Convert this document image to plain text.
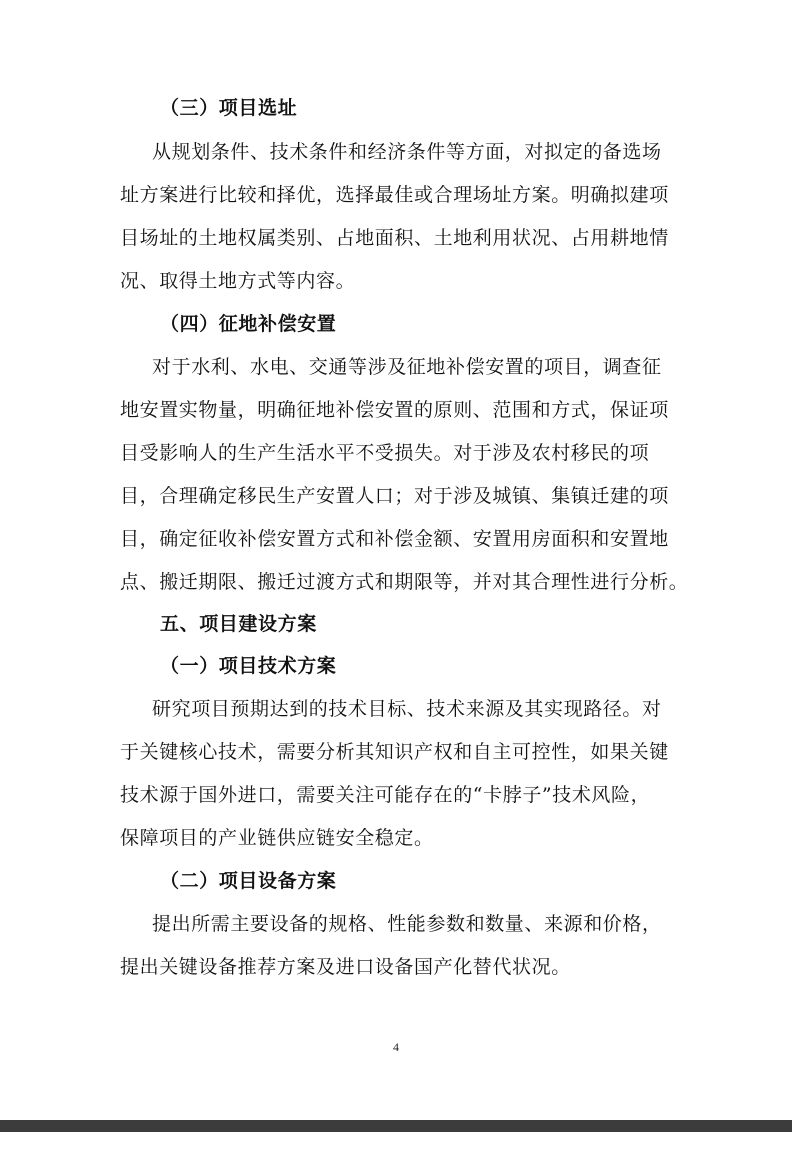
（三）项目选址
从规划条件、技术条件和经济条件等方面，对拟定的备选场
址方案进行比较和择优，选择最佳或合理场址方案。明确拟建项
目场址的土地权属类别、占地面积、土地利用状况、占用耕地情
况、取得土地方式等内容。
（四）征地补偿安置
对于水利、水电、交通等涉及征地补偿安置的项目，调查征
地安置实物量，明确征地补偿安置的原则、范围和方式，保证项
目受影响人的生产生活水平不受损失。对于涉及农村移民的项
目，合理确定移民生产安置人口；对于涉及城镇、集镇迁建的项
目，确定征收补偿安置方式和补偿金额、安置用房面积和安置地
点、搬迁期限、搬迁过渡方式和期限等，并对其合理性进行分析。
五、项目建设方案
（一）项目技术方案
研究项目预期达到的技术目标、技术来源及其实现路径。对
于关键核心技术，需要分析其知识产权和自主可控性，如果关键
技术源于国外进口，需要关注可能存在的“卡脖子”技术风险，
保障项目的产业链供应链安全稳定。
（二）项目设备方案
提出所需主要设备的规格、性能参数和数量、来源和价格，
提出关键设备推荐方案及进口设备国产化替代状况。
4
